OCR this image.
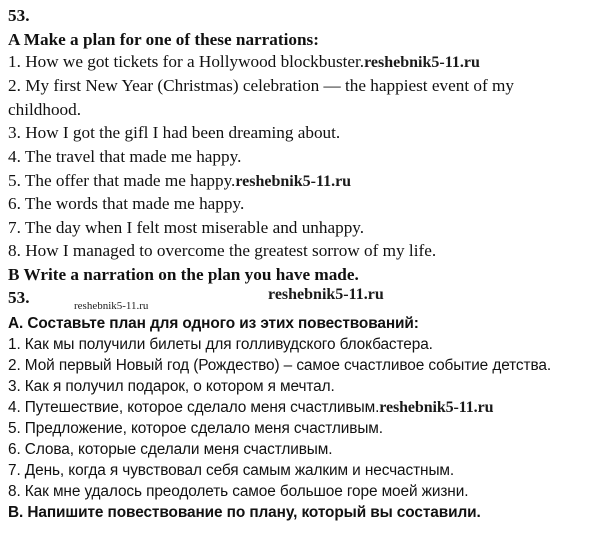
53.
A Make a plan for one of these narrations:
1. How we got tickets for a Hollywood blockbuster.reshebnik5-11.ru
2. My first New Year (Christmas) celebration — the happiest event of my
childhood.
3. How I got the gifl I had been dreaming about.
4. The travel that made me happy.
5. The offer that made me happy.reshebnik5-11.ru
6. The words that made me happy.
7. The day when I felt most miserable and unhappy.
8. How I managed to overcome the greatest sorrow of my life.
B Write a narration on the plan you have made.
53.	reshebnik5-11.ru
reshebnik5-11.ru
А. Составьте план для одного из этих повествований:
1. Как мы получили билеты для голливудского блокбастера.
2. Мой первый Новый год (Рождество) – самое счастливое событие детства.
3. Как я получил подарок, о котором я мечтал.
4. Путешествие, которое сделало меня счастливым.reshebnik5-11.ru
5. Предложение, которое сделало меня счастливым.
6. Слова, которые сделали меня счастливым.
7. День, когда я чувствовал себя самым жалким и несчастным.
8. Как мне удалось преодолеть самое большое горе моей жизни.
В. Напишите повествование по плану, который вы составили.
